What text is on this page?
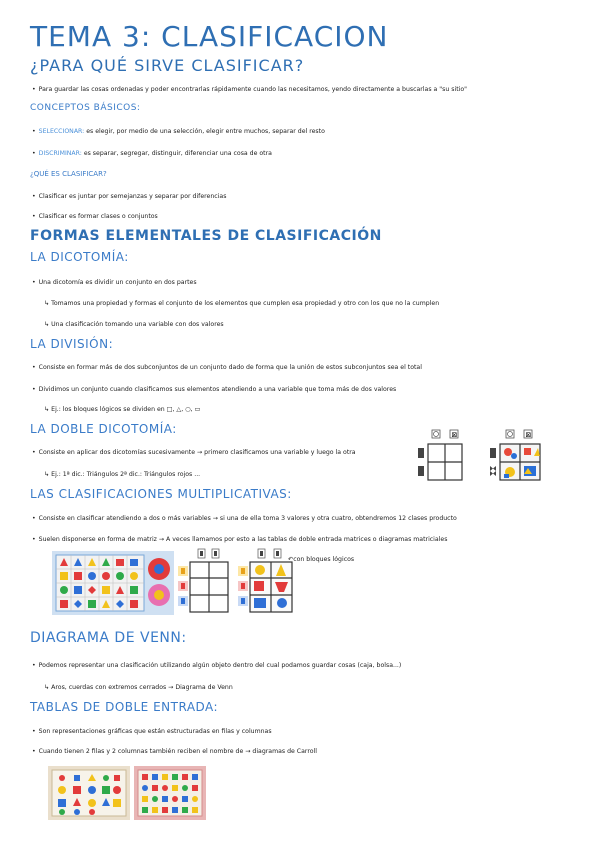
TEMA 3: CLASIFICACION
¿PARA QUÉ SIRVE CLASIFICAR?
• Para guardar las cosas ordenadas y poder encontrarlas rápidamente cuando las necesitamos, yendo directamente a buscarlas a "su sitio"
CONCEPTOS BÁSICOS:
• SELECCIONAR: es elegir, por medio de una selección, elegir entre muchos, separar del resto
• DISCRIMINAR: es separar, segregar, distinguir, diferenciar una cosa de otra
¿QUÉ ES CLASIFICAR?
• Clasificar es juntar por semejanzas y separar por diferencias
• Clasificar es formar clases o conjuntos
FORMAS ELEMENTALES DE CLASIFICACIÓN
LA DICOTOMÍA:
• Una dicotomía es dividir un conjunto en dos partes
↳ Tomamos una propiedad y formas el conjunto de los elementos que cumplen esa propiedad y otro con los que no la cumplen
↳ Una clasificación tomando una variable con dos valores
LA DIVISIÓN:
• Consiste en formar más de dos subconjuntos de un conjunto dado de forma que la unión de estos subconjuntos sea el total
• Dividimos un conjunto cuando clasificamos sus elementos atendiendo a una variable que toma más de dos valores
↳ Ej.: los bloques lógicos se dividen en □, △, ○, ▭
LA DOBLE DICOTOMÍA:
• Consiste en aplicar dos dicotomías sucesivamente → primero clasificamos una variable y luego la otra
↳ Ej.: 1ª dic.: Triángulos 2ª dic.: Triángulos rojos ...
⊠	⊠
LAS CLASIFICACIONES MULTIPLICATIVAS:
• Consiste en clasificar atendiendo a dos o más variables → si una de ella toma 3 valores y otra cuatro, obtendremos 12 clases producto
• Suelen disponerse en forma de matriz → A veces llamamos por esto a las tablas de doble entrada matrices o diagramas matriciales
↶con bloques lógicos
DIAGRAMA DE VENN:
• Podemos representar una clasificación utilizando algún objeto dentro del cual podamos guardar cosas (caja, bolsa...)
↳ Aros, cuerdas con extremos cerrados → Diagrama de Venn
TABLAS DE DOBLE ENTRADA:
• Son representaciones gráficas que están estructuradas en filas y columnas
• Cuando tienen 2 filas y 2 columnas también reciben el nombre de → diagramas de Carroll
